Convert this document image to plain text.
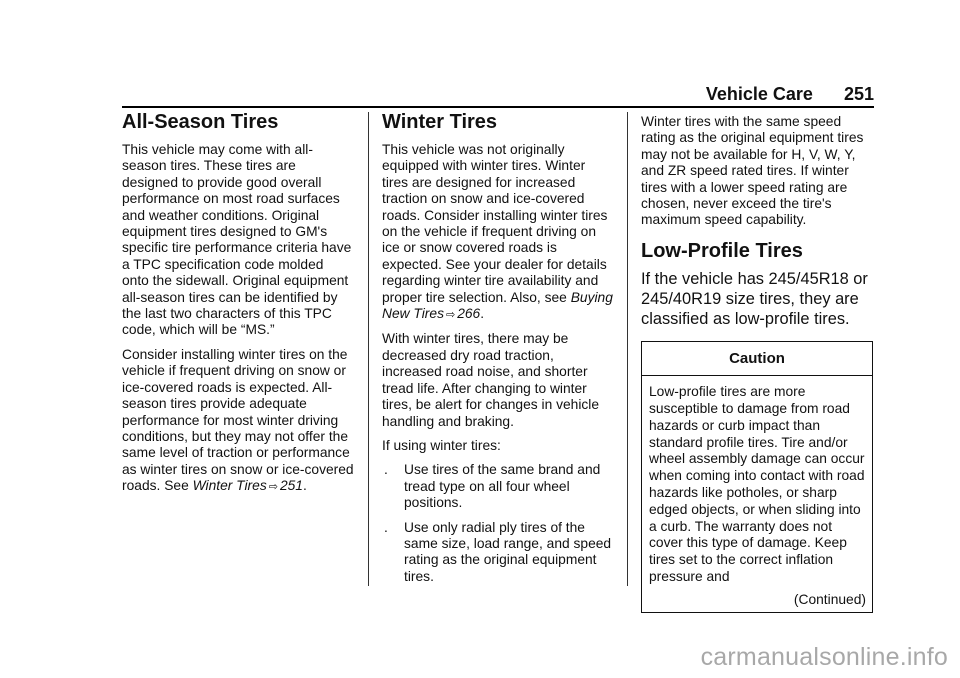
Vehicle Care 251
All-Season Tires

This vehicle may come with all-season tires. These tires are designed to provide good overall performance on most road surfaces and weather conditions. Original equipment tires designed to GM's specific tire performance criteria have a TPC specification code molded onto the sidewall. Original equipment all-season tires can be identified by the last two characters of this TPC code, which will be “MS.”

Consider installing winter tires on the vehicle if frequent driving on snow or ice-covered roads is expected. All-season tires provide adequate performance for most winter driving conditions, but they may not offer the same level of traction or performance as winter tires on snow or ice-covered roads. See Winter Tires ⇨ 251.

Winter Tires

This vehicle was not originally equipped with winter tires. Winter tires are designed for increased traction on snow and ice-covered roads. Consider installing winter tires on the vehicle if frequent driving on ice or snow covered roads is expected. See your dealer for details regarding winter tire availability and proper tire selection. Also, see Buying New Tires ⇨ 266.

With winter tires, there may be decreased dry road traction, increased road noise, and shorter tread life. After changing to winter tires, be alert for changes in vehicle handling and braking.

If using winter tires:

. Use tires of the same brand and tread type on all four wheel positions.
. Use only radial ply tires of the same size, load range, and speed rating as the original equipment tires.

Winter tires with the same speed rating as the original equipment tires may not be available for H, V, W, Y, and ZR speed rated tires. If winter tires with a lower speed rating are chosen, never exceed the tire's maximum speed capability.

Low-Profile Tires

If the vehicle has 245/45R18 or 245/40R19 size tires, they are classified as low-profile tires.

Caution
Low-profile tires are more susceptible to damage from road hazards or curb impact than standard profile tires. Tire and/or wheel assembly damage can occur when coming into contact with road hazards like potholes, or sharp edged objects, or when sliding into a curb. The warranty does not cover this type of damage. Keep tires set to the correct inflation pressure and
(Continued)
carmanualsonline.info
